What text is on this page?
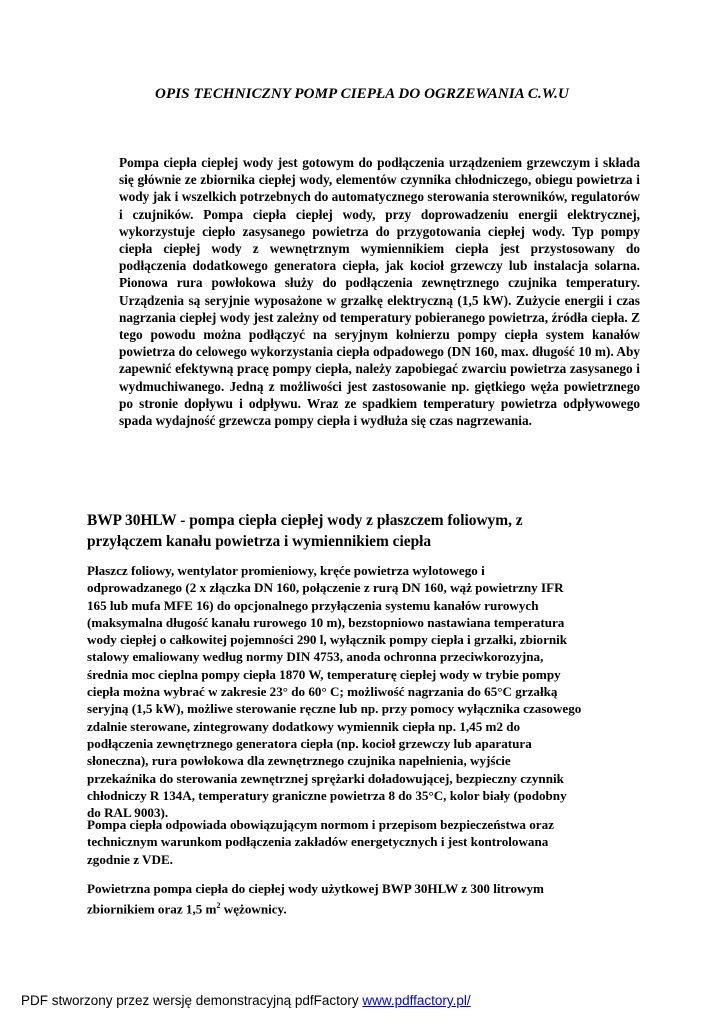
OPIS TECHNICZNY POMP CIEPŁA DO OGRZEWANIA C.W.U
Pompa ciepła ciepłej wody jest gotowym do podłączenia urządzeniem grzewczym i składa się głównie ze zbiornika ciepłej wody, elementów czynnika chłodniczego, obiegu powietrza i wody jak i wszelkich potrzebnych do automatycznego sterowania sterowników, regulatorów i czujników. Pompa ciepła ciepłej wody, przy doprowadzeniu energii elektrycznej, wykorzystuje ciepło zasysanego powietrza do przygotowania ciepłej wody. Typ pompy ciepła ciepłej wody z wewnętrznym wymiennikiem ciepła jest przystosowany do podłączenia dodatkowego generatora ciepła, jak kocioł grzewczy lub instalacja solarna. Pionowa rura powłokowa służy do podłączenia zewnętrznego czujnika temperatury. Urządzenia są seryjnie wyposażone w grzałkę elektryczną (1,5 kW). Zużycie energii i czas nagrzania ciepłej wody jest zależny od temperatury pobieranego powietrza, źródła ciepła. Z tego powodu można podłączyć na seryjnym kołnierzu pompy ciepła system kanałów powietrza do celowego wykorzystania ciepła odpadowego (DN 160, max. długość 10 m). Aby zapewnić efektywną pracę pompy ciepła, należy zapobiegać zwarciu powietrza zasysanego i wydmuchiwanego. Jedną z możliwości jest zastosowanie np. giętkiego węża powietrznego po stronie dopływu i odpływu. Wraz ze spadkiem temperatury powietrza odpływowego spada wydajność grzewcza pompy ciepła i wydłuża się czas nagrzewania.
BWP 30HLW - pompa ciepła ciepłej wody z płaszczem foliowym, z
przyłączem kanału powietrza i wymiennikiem ciepła
Płaszcz foliowy, wentylator promieniowy, kręće powietrza wylotowego i
odprowadzanego (2 x złączka DN 160, połączenie z rurą DN 160, wąż powietrzny IFR
165 lub mufa MFE 16) do opcjonalnego przyłączenia systemu kanałów rurowych
(maksymalna długość kanału rurowego 10 m), bezstopniowo nastawiana temperatura
wody ciepłej o całkowitej pojemności 290 l, wyłącznik pompy ciepła i grzałki, zbiornik
stalowy emaliowany według normy DIN 4753, anoda ochronna przeciwkorozyjna,
średnia moc cieplna pompy ciepła 1870 W, temperaturę ciepłej wody w trybie pompy
ciepła można wybrać w zakresie 23° do 60° C; możliwość nagrzania do 65°C grzałką
seryjną (1,5 kW), możliwe sterowanie ręczne lub np. przy pomocy wyłącznika czasowego
zdalnie sterowane, zintegrowany dodatkowy wymiennik ciepła np. 1,45 m2 do
podłączenia zewnętrznego generatora ciepła (np. kocioł grzewczy lub aparatura
słoneczna), rura powłokowa dla zewnętrznego czujnika napełnienia, wyjście
przekaźnika do sterowania zewnętrznej sprężarki doładowującej, bezpieczny czynnik
chłodniczy R 134A, temperatury graniczne powietrza 8 do 35°C, kolor biały (podobny
do RAL 9003).
Pompa ciepła odpowiada obowiązującym normom i przepisom bezpieczeństwa oraz
technicznym warunkom podłączenia zakładów energetycznych i jest kontrolowana
zgodnie z VDE.
Powietrzna pompa ciepła do ciepłej wody użytkowej BWP 30HLW z 300 litrowym
zbiornikiem oraz 1,5 $m^2$ wężownicy.
PDF stworzony przez wersję demonstracyjną pdfFactory www.pdffactory.pl/
